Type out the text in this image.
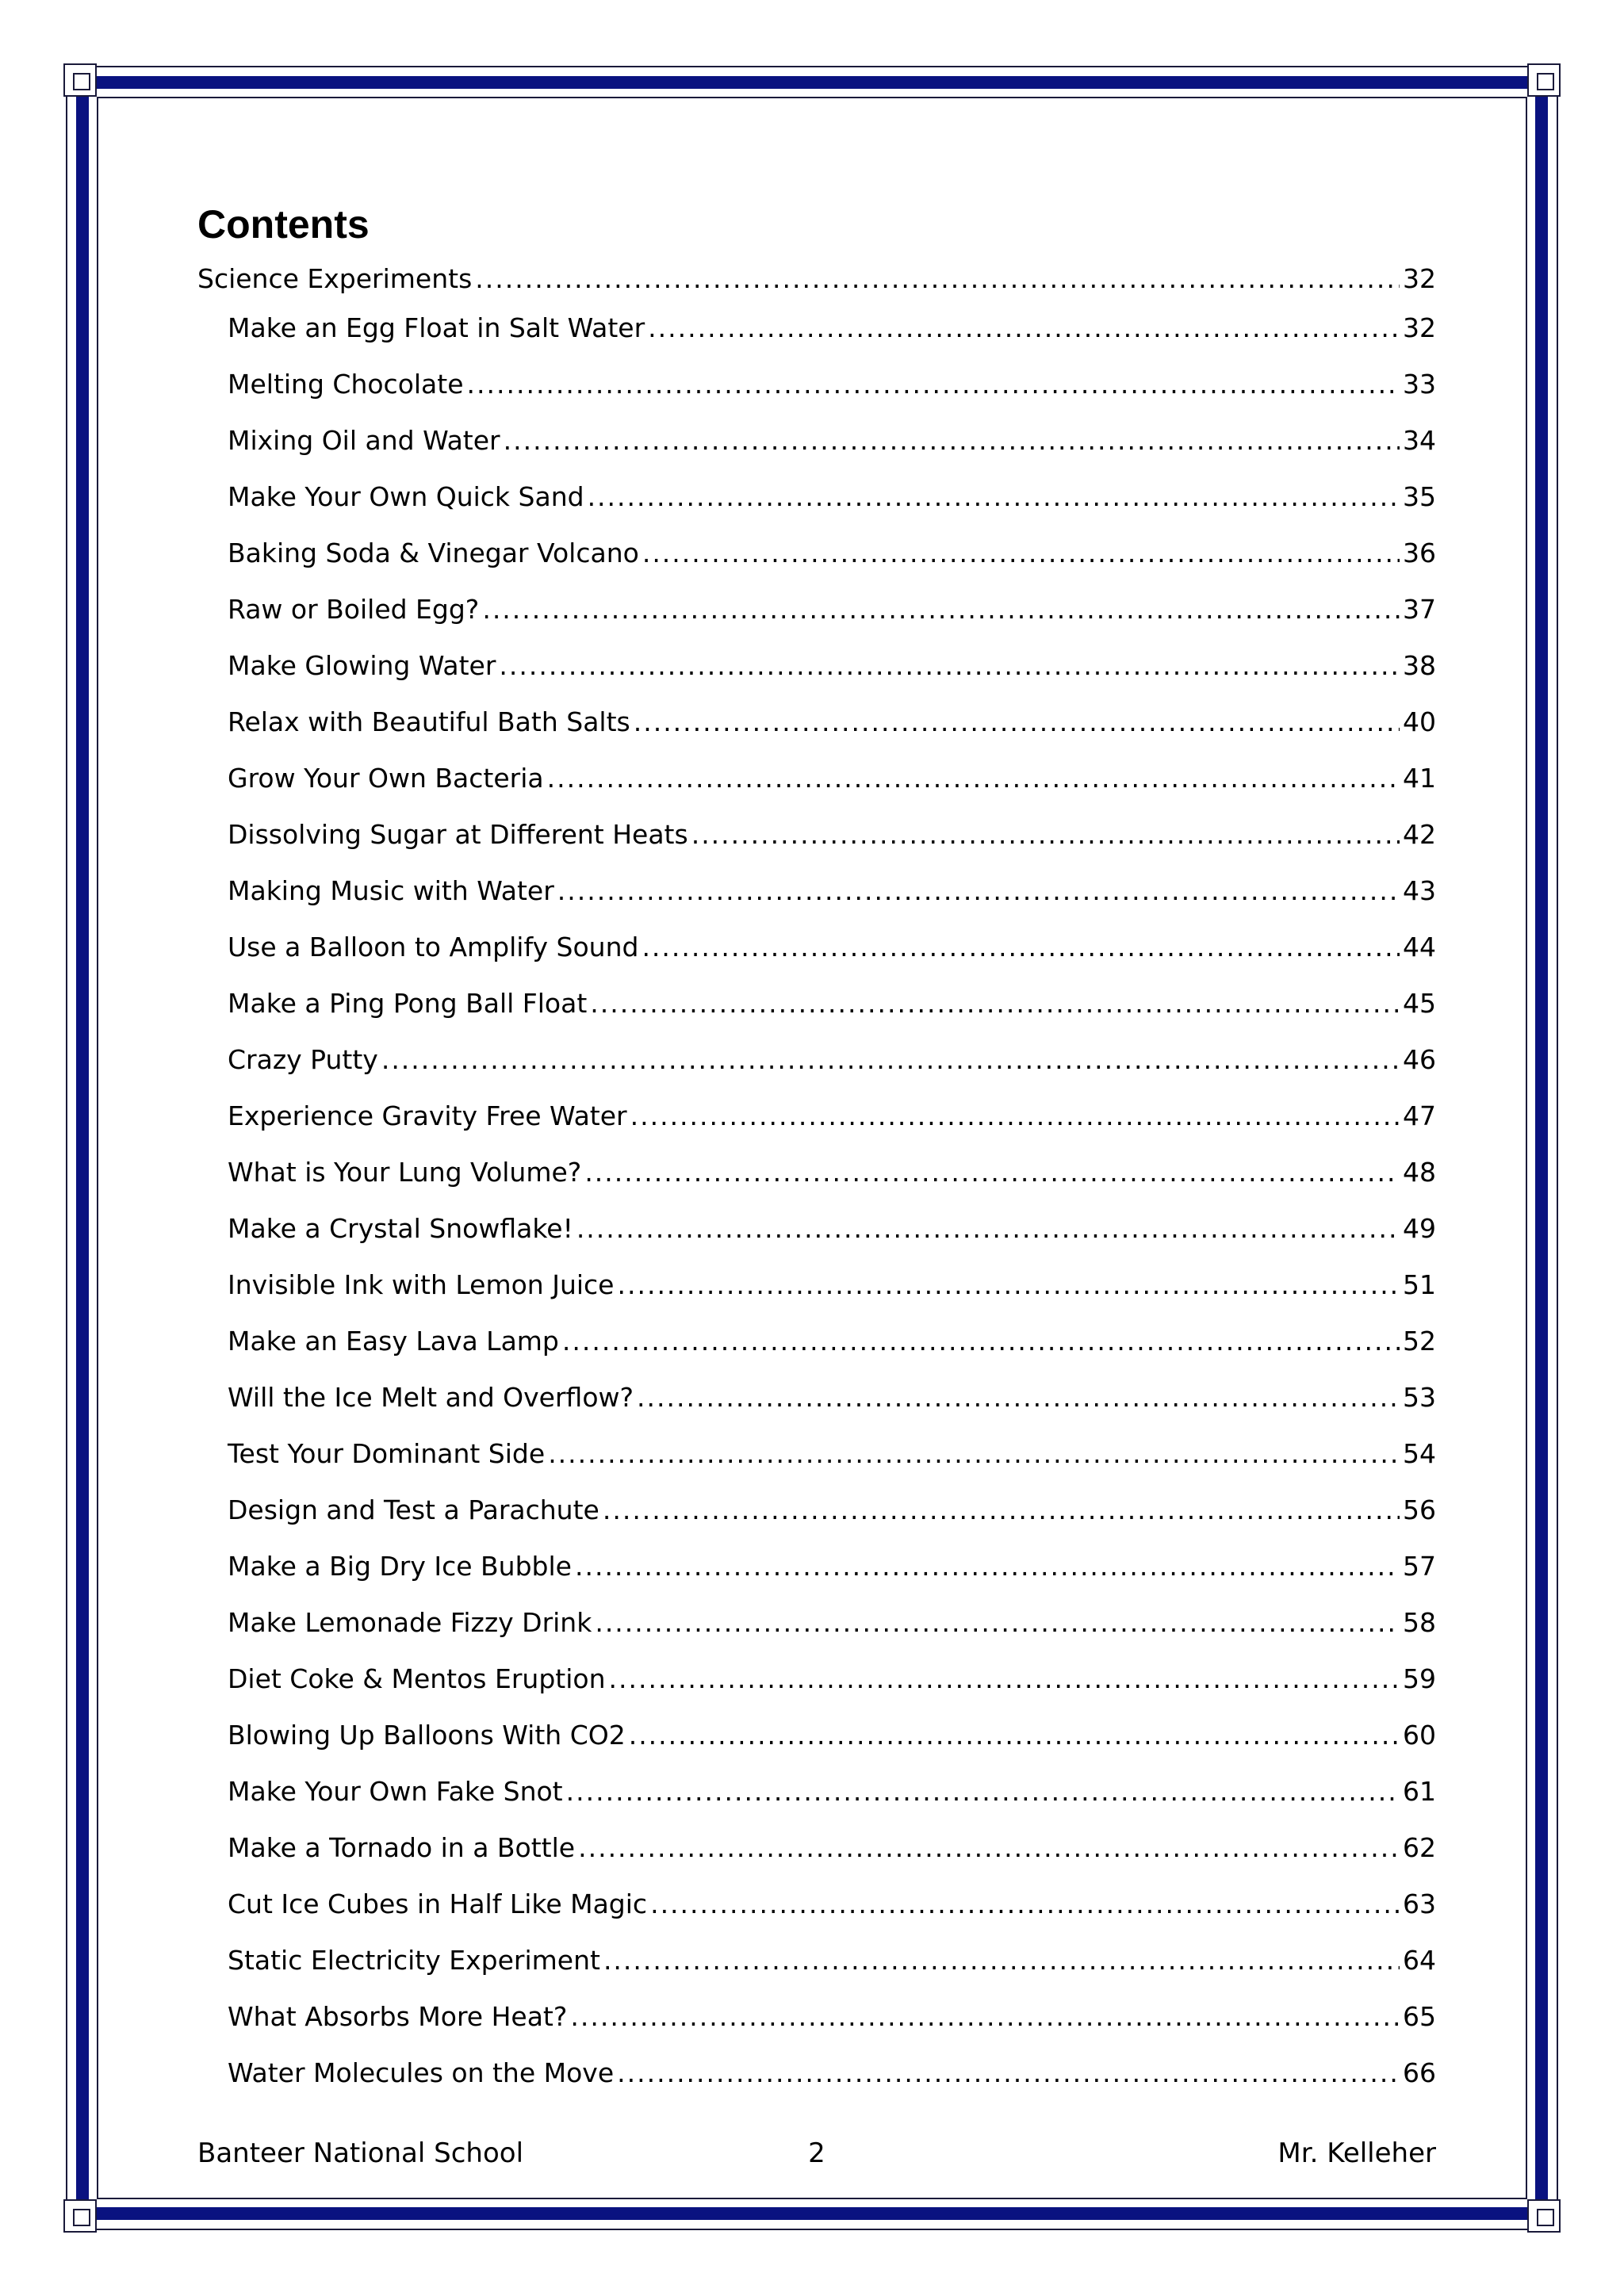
Contents
Science Experiments .....	32
Make an Egg Float in Salt Water .....	32
Melting Chocolate .....	33
Mixing Oil and Water .....	34
Make Your Own Quick Sand .....	35
Baking Soda & Vinegar Volcano .....	36
Raw or Boiled Egg? .....	37
Make Glowing Water .....	38
Relax with Beautiful Bath Salts .....	40
Grow Your Own Bacteria .....	41
Dissolving Sugar at Different Heats .....	42
Making Music with Water .....	43
Use a Balloon to Amplify Sound .....	44
Make a Ping Pong Ball Float .....	45
Crazy Putty .....	46
Experience Gravity Free Water .....	47
What is Your Lung Volume? .....	48
Make a Crystal Snowflake! .....	49
Invisible Ink with Lemon Juice .....	51
Make an Easy Lava Lamp .....	52
Will the Ice Melt and Overflow? .....	53
Test Your Dominant Side .....	54
Design and Test a Parachute .....	56
Make a Big Dry Ice Bubble .....	57
Make Lemonade Fizzy Drink .....	58
Diet Coke & Mentos Eruption .....	59
Blowing Up Balloons With CO2 .....	60
Make Your Own Fake Snot .....	61
Make a Tornado in a Bottle .....	62
Cut Ice Cubes in Half Like Magic .....	63
Static Electricity Experiment .....	64
What Absorbs More Heat? .....	65
Water Molecules on the Move .....	66
Banteer National School	2	Mr. Kelleher
